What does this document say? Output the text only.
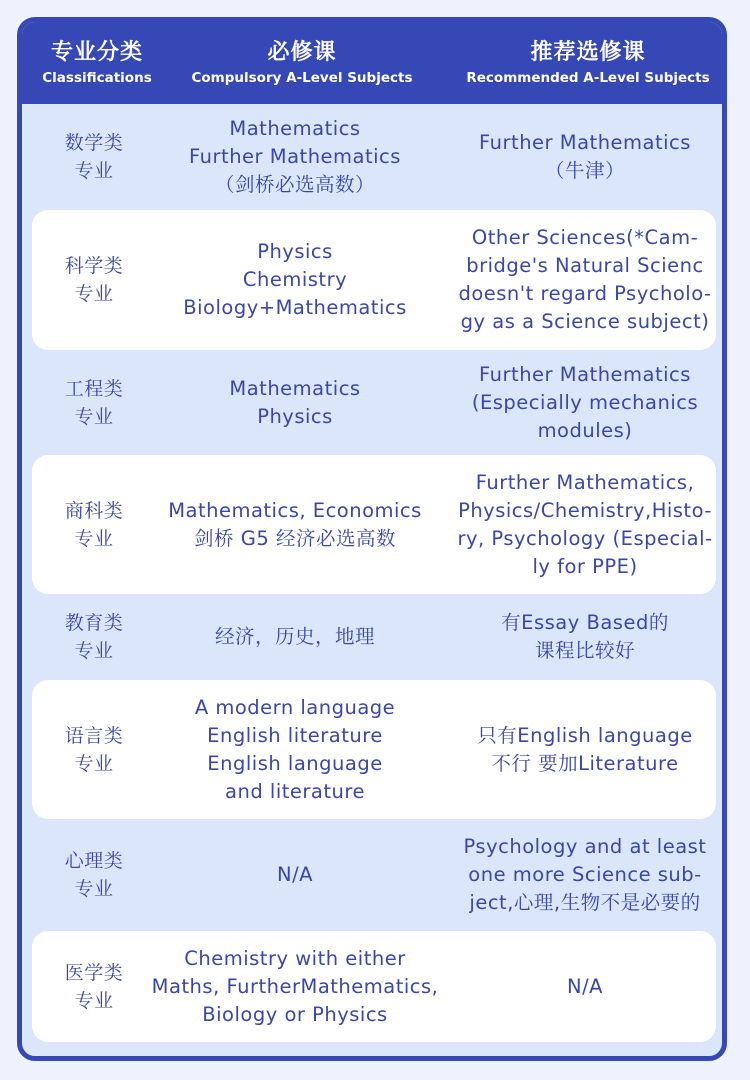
专业分类
Classifications
必修课
Compulsory A-Level Subjects
推荐选修课
Recommended A-Level Subjects
数学类
专业
Mathematics
Further Mathematics
（剑桥必选高数）
Further Mathematics
（牛津）
科学类
专业
Physics
Chemistry
Biology+Mathematics
Other Sciences(*Cam-
bridge's Natural Scienc
doesn't regard Psycholo-
gy as a Science subject)
工程类
专业
Mathematics
Physics
Further Mathematics
(Especially mechanics
modules)
商科类
专业
Mathematics, Economics
剑桥 G5 经济必选高数
Further Mathematics,
Physics/Chemistry,Histo-
ry, Psychology (Especial-
ly for PPE)
教育类
专业
经济，历史，地理
有Essay Based的
课程比较好
语言类
专业
A modern language
English literature
English language
and literature
只有English language
不行 要加Literature
心理类
专业
N/A
Psychology and at least
one more Science sub-
ject,心理,生物不是必要的
医学类
专业
Chemistry with either
Maths, FurtherMathematics,
Biology or Physics
N/A
